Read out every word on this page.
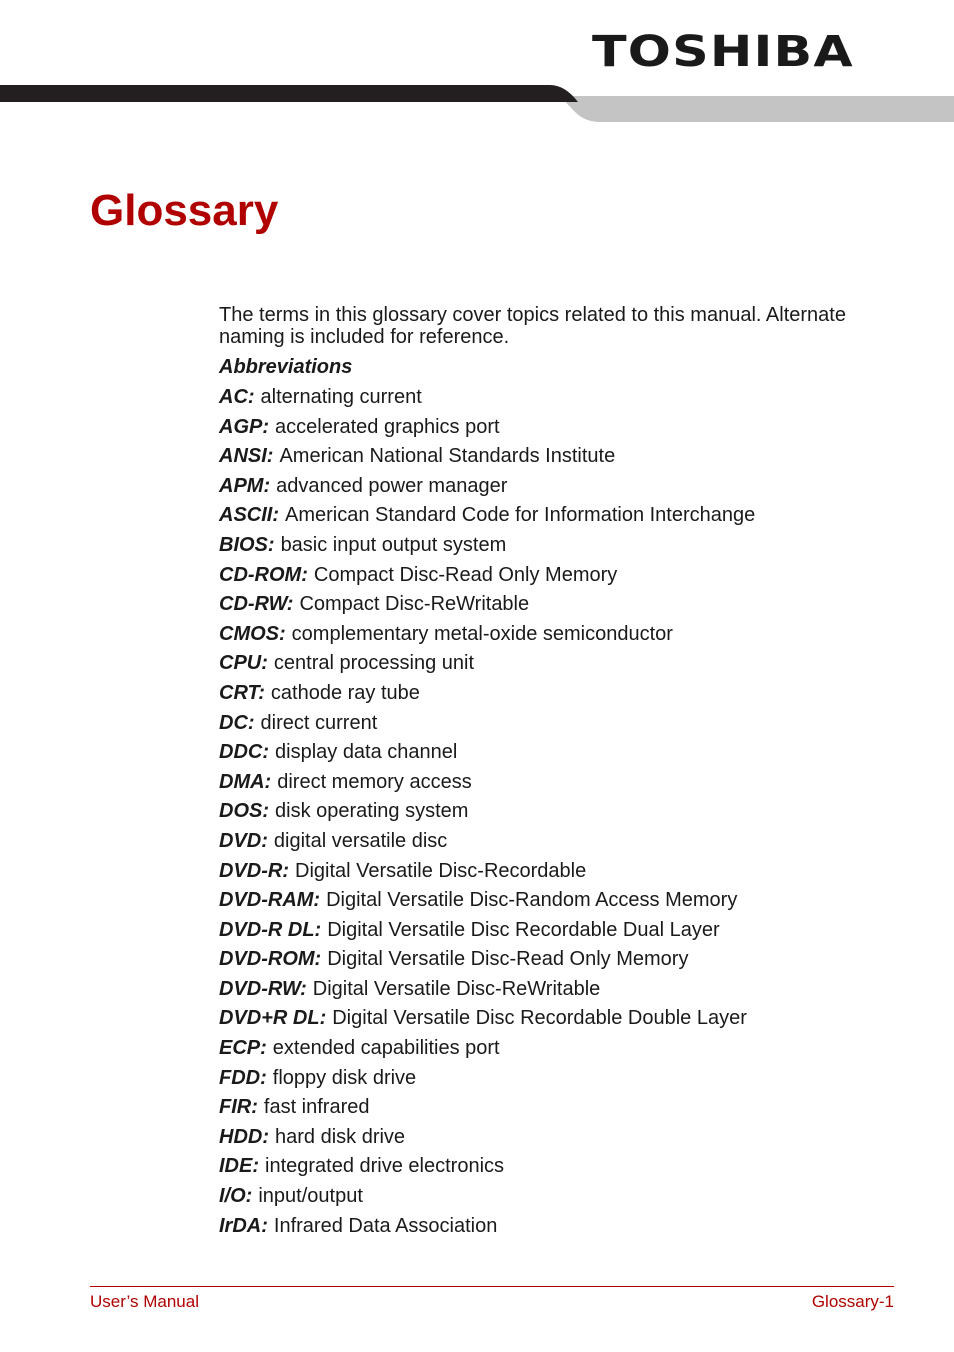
TOSHIBA
Glossary

The terms in this glossary cover topics related to this manual. Alternate naming is included for reference.

Abbreviations
AC: alternating current
AGP: accelerated graphics port
ANSI: American National Standards Institute
APM: advanced power manager
ASCII: American Standard Code for Information Interchange
BIOS: basic input output system
CD-ROM: Compact Disc-Read Only Memory
CD-RW: Compact Disc-ReWritable
CMOS: complementary metal-oxide semiconductor
CPU: central processing unit
CRT: cathode ray tube
DC: direct current
DDC: display data channel
DMA: direct memory access
DOS: disk operating system
DVD: digital versatile disc
DVD-R: Digital Versatile Disc-Recordable
DVD-RAM: Digital Versatile Disc-Random Access Memory
DVD-R DL: Digital Versatile Disc Recordable Dual Layer
DVD-ROM: Digital Versatile Disc-Read Only Memory
DVD-RW: Digital Versatile Disc-ReWritable
DVD+R DL: Digital Versatile Disc Recordable Double Layer
ECP: extended capabilities port
FDD: floppy disk drive
FIR: fast infrared
HDD: hard disk drive
IDE: integrated drive electronics
I/O: input/output
IrDA: Infrared Data Association
User’s Manual	Glossary-1
